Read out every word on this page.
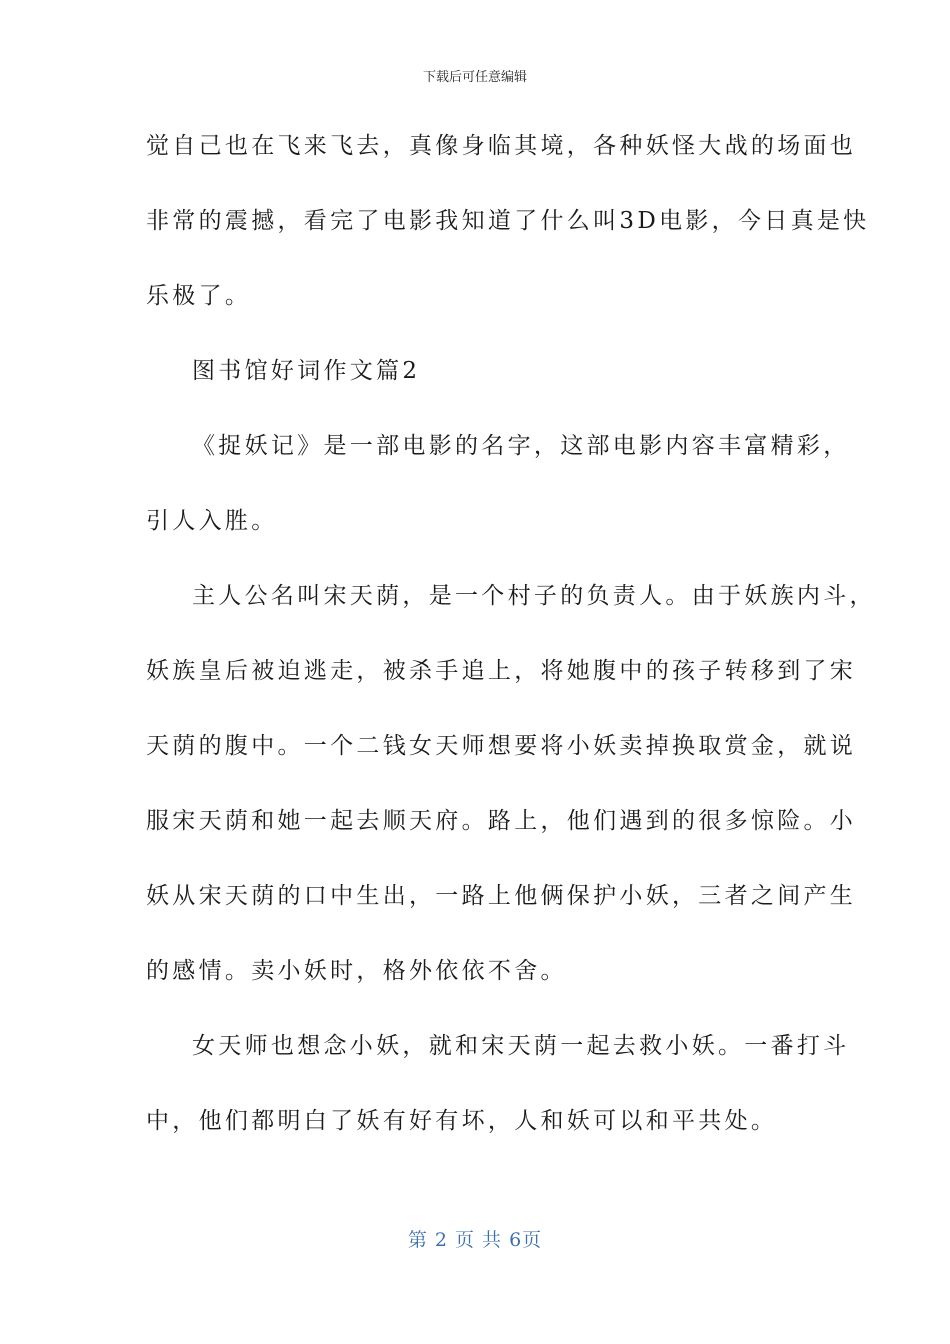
下载后可任意编辑
觉自己也在飞来飞去，真像身临其境，各种妖怪大战的场面也
非常的震撼，看完了电影我知道了什么叫3D电影，今日真是快
乐极了。
图书馆好词作文篇2
《捉妖记》是一部电影的名字，这部电影内容丰富精彩，
引人入胜。
主人公名叫宋天荫，是一个村子的负责人。由于妖族内斗，
妖族皇后被迫逃走，被杀手追上，将她腹中的孩子转移到了宋
天荫的腹中。一个二钱女天师想要将小妖卖掉换取赏金，就说
服宋天荫和她一起去顺天府。路上，他们遇到的很多惊险。小
妖从宋天荫的口中生出，一路上他俩保护小妖，三者之间产生
的感情。卖小妖时，格外依依不舍。
女天师也想念小妖，就和宋天荫一起去救小妖。一番打斗
中，他们都明白了妖有好有坏，人和妖可以和平共处。
第 2 页 共 6页
